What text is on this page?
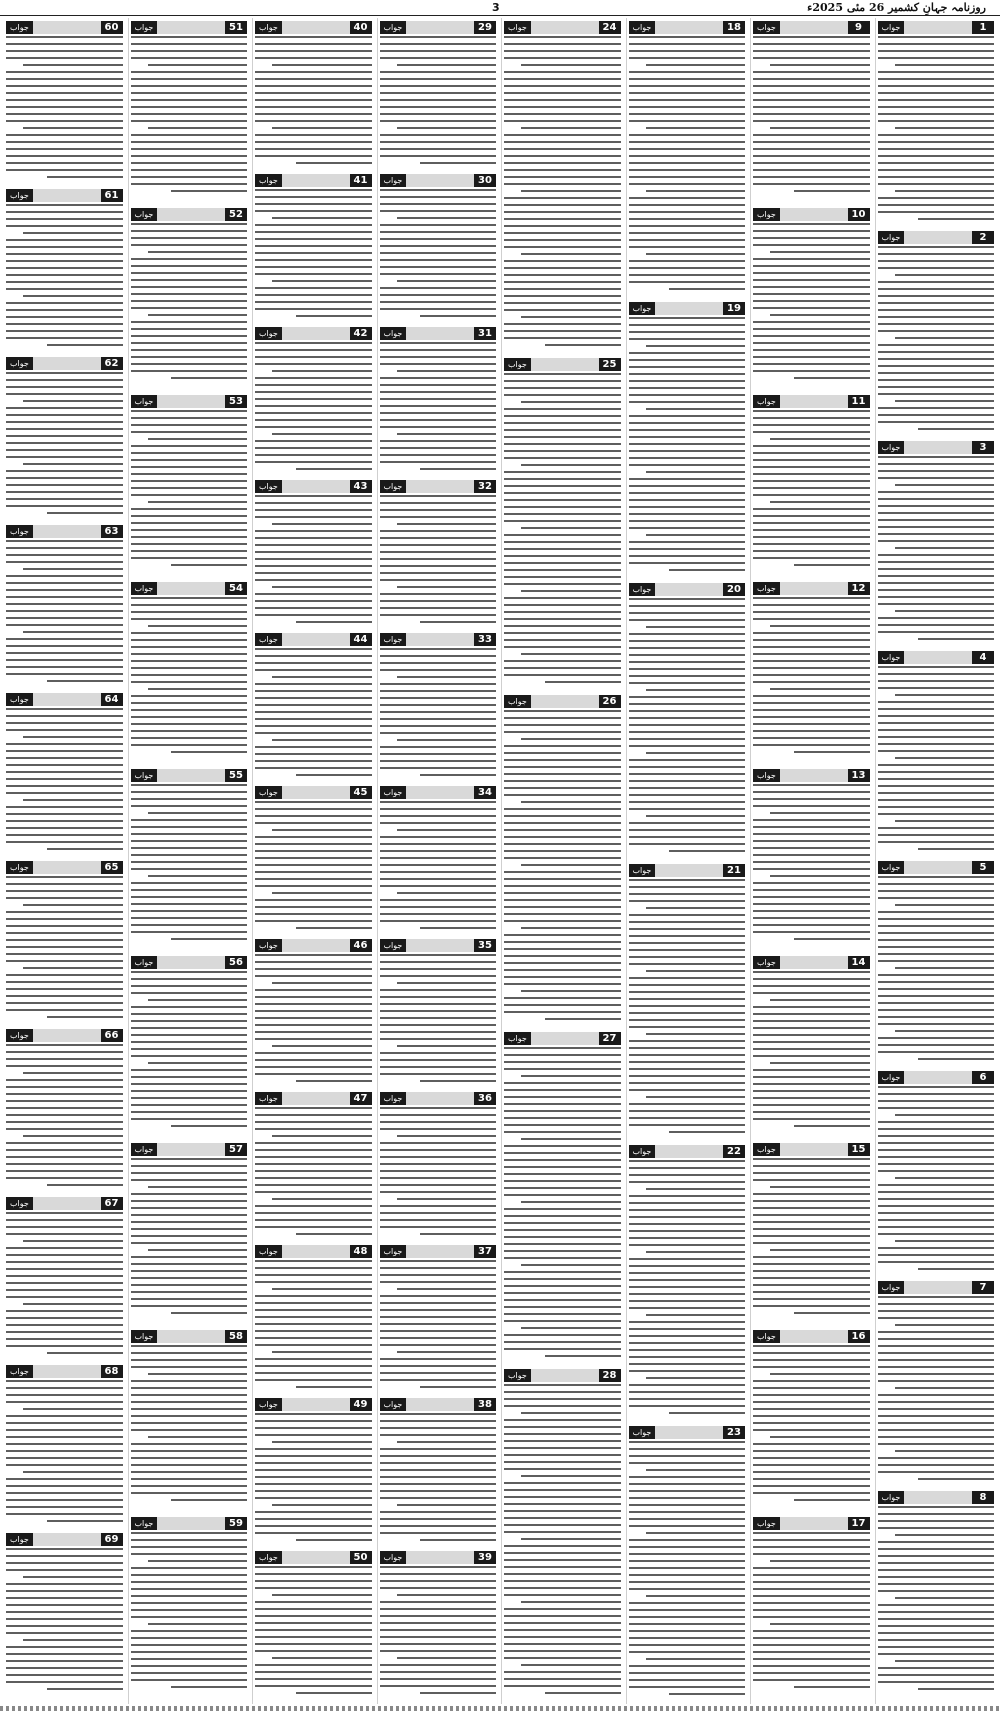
روزنامہ جہانِ کشمیر 26 مئی 2025ء
3
1
جواب
2
جواب
3
جواب
4
جواب
5
جواب
6
جواب
7
جواب
8
جواب
9
جواب
10
جواب
11
جواب
12
جواب
13
جواب
14
جواب
15
جواب
16
جواب
17
جواب
18
جواب
19
جواب
20
جواب
21
جواب
22
جواب
23
جواب
24
جواب
25
جواب
26
جواب
27
جواب
28
جواب
29
جواب
30
جواب
31
جواب
32
جواب
33
جواب
34
جواب
35
جواب
36
جواب
37
جواب
38
جواب
39
جواب
40
جواب
41
جواب
42
جواب
43
جواب
44
جواب
45
جواب
46
جواب
47
جواب
48
جواب
49
جواب
50
جواب
51
جواب
52
جواب
53
جواب
54
جواب
55
جواب
56
جواب
57
جواب
58
جواب
59
جواب
60
جواب
61
جواب
62
جواب
63
جواب
64
جواب
65
جواب
66
جواب
67
جواب
68
جواب
69
جواب
